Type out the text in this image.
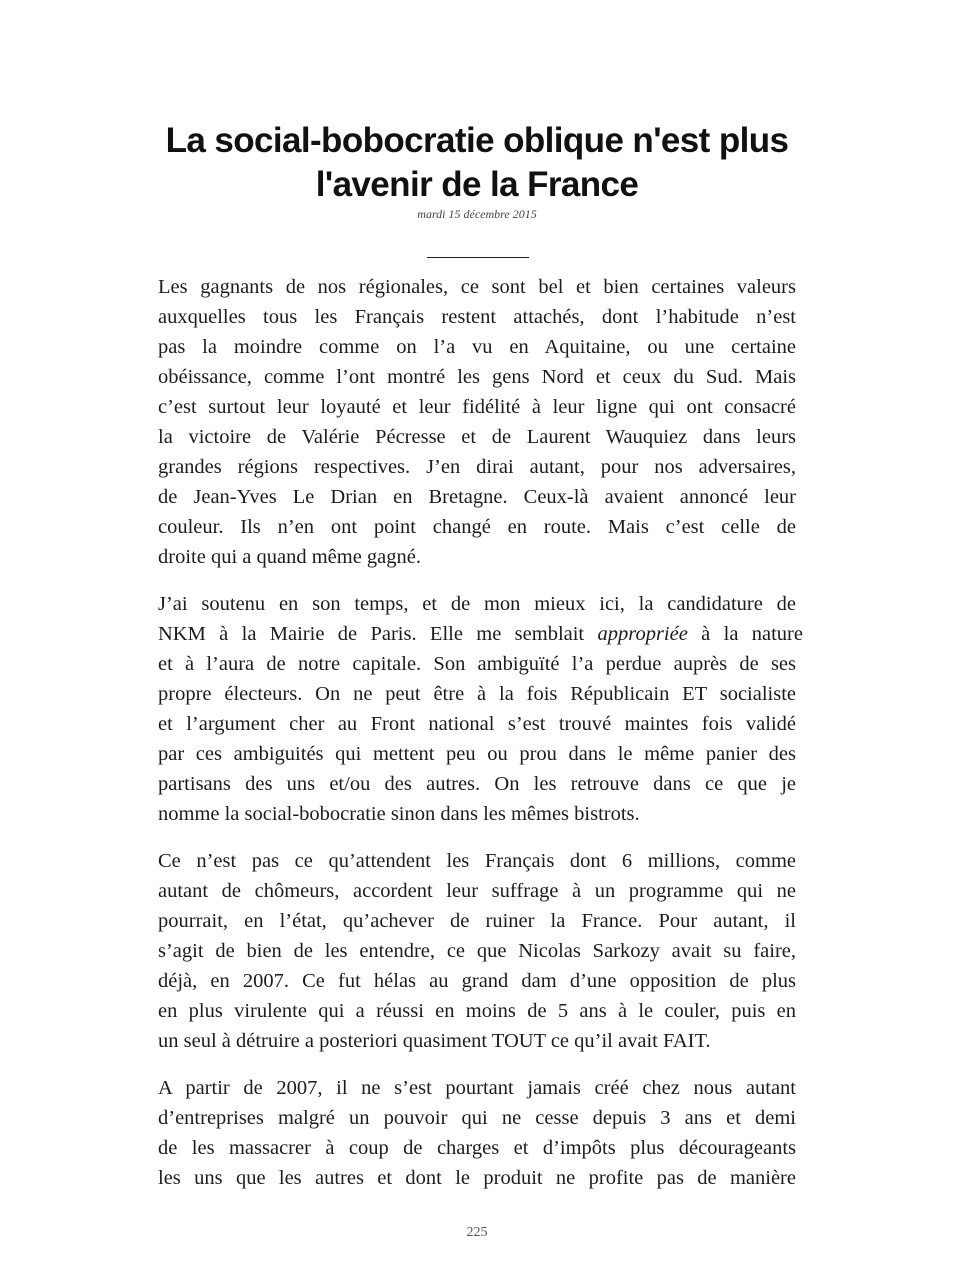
La social-bobocratie oblique n'est plus
l'avenir de la France
mardi 15 décembre 2015

Les gagnants de nos régionales, ce sont bel et bien certaines valeurs
auxquelles tous les Français restent attachés, dont l’habitude n’est
pas la moindre comme on l’a vu en Aquitaine, ou une certaine
obéissance, comme l’ont montré les gens Nord et ceux du Sud. Mais
c’est surtout leur loyauté et leur fidélité à leur ligne qui ont consacré
la victoire de Valérie Pécresse et de Laurent Wauquiez dans leurs
grandes régions respectives. J’en dirai autant, pour nos adversaires,
de Jean-Yves Le Drian en Bretagne. Ceux-là avaient annoncé leur
couleur. Ils n’en ont point changé en route. Mais c’est celle de
droite qui a quand même gagné.

J’ai soutenu en son temps, et de mon mieux ici, la candidature de
NKM à la Mairie de Paris. Elle me semblait appropriée à la nature
et à l’aura de notre capitale. Son ambiguïté l’a perdue auprès de ses
propre électeurs. On ne peut être à la fois Républicain ET socialiste
et l’argument cher au Front national s’est trouvé maintes fois validé
par ces ambiguités qui mettent peu ou prou dans le même panier des
partisans des uns et/ou des autres. On les retrouve dans ce que je
nomme la social-bobocratie sinon dans les mêmes bistrots.

Ce n’est pas ce qu’attendent les Français dont 6 millions, comme
autant de chômeurs, accordent leur suffrage à un programme qui ne
pourrait, en l’état, qu’achever de ruiner la France. Pour autant, il
s’agit de bien de les entendre, ce que Nicolas Sarkozy avait su faire,
déjà, en 2007. Ce fut hélas au grand dam d’une opposition de plus
en plus virulente qui a réussi en moins de 5 ans à le couler, puis en
un seul à détruire a posteriori quasiment TOUT ce qu’il avait FAIT.

A partir de 2007, il ne s’est pourtant jamais créé chez nous autant
d’entreprises malgré un pouvoir qui ne cesse depuis 3 ans et demi
de les massacrer à coup de charges et d’impôts plus décourageants
les uns que les autres et dont le produit ne profite pas de manière

225
